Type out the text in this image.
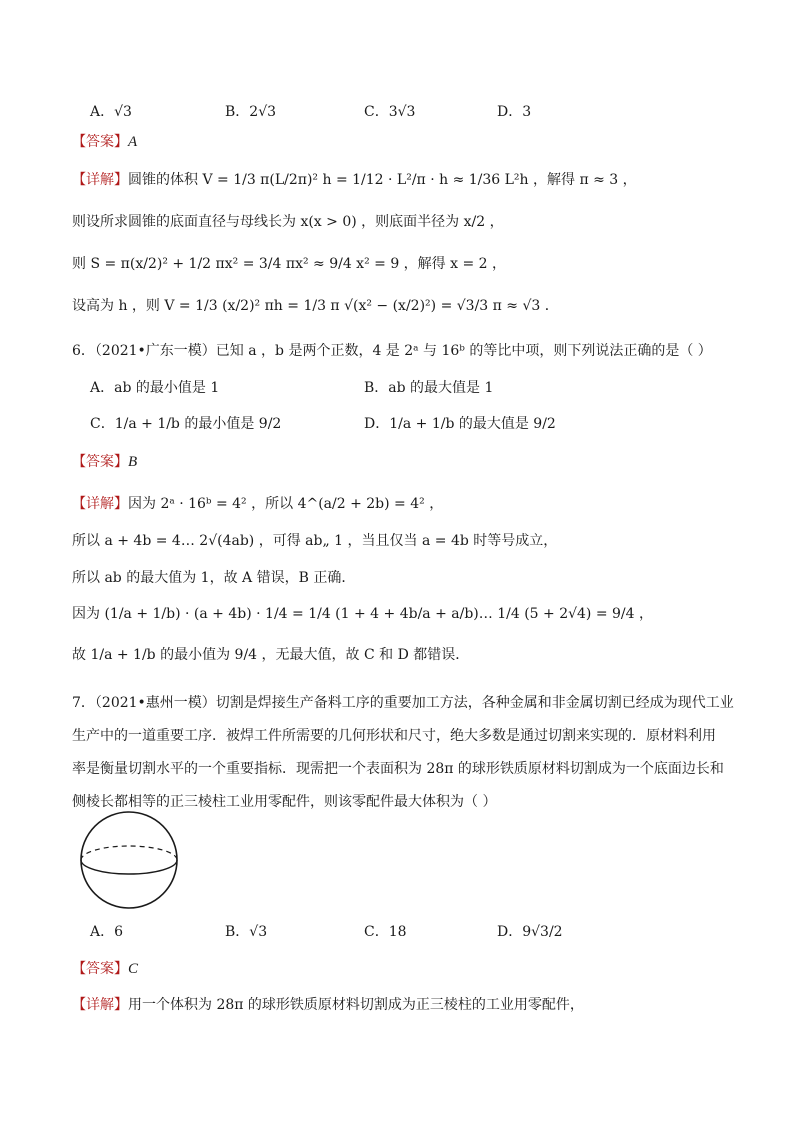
A．√3	B．2√3	C．3√3	D．3
【答案】A
【详解】圆锥的体积 V = 1/3 π(L/2π)² h = 1/12 · L²/π · h ≈ 1/36 L²h ，解得 π ≈ 3 ，
则设所求圆锥的底面直径与母线长为 x(x > 0) ，则底面半径为 x/2 ，
则 S = π(x/2)² + 1/2 πx² = 3/4 πx² ≈ 9/4 x² = 9 ，解得 x = 2 ，
设高为 h ，则 V = 1/3 (x/2)² πh = 1/3 π √(x² − (x/2)²) = √3/3 π ≈ √3 ．
6．（2021•广东一模）已知 a ，b 是两个正数，4 是 2ᵃ 与 16ᵇ 的等比中项，则下列说法正确的是（ ）
A．ab 的最小值是 1	B．ab 的最大值是 1
C．1/a + 1/b 的最小值是 9/2	D．1/a + 1/b 的最大值是 9/2
【答案】B
【详解】因为 2ᵃ · 16ᵇ = 4² ，所以 4^(a/2 + 2b) = 4² ，
所以 a + 4b = 4… 2√(4ab) ，可得 ab„ 1 ，当且仅当 a = 4b 时等号成立，
所以 ab 的最大值为 1，故 A 错误，B 正确．
因为 (1/a + 1/b) · (a + 4b) · 1/4 = 1/4 (1 + 4 + 4b/a + a/b)… 1/4 (5 + 2√4) = 9/4 ，
故 1/a + 1/b 的最小值为 9/4 ，无最大值，故 C 和 D 都错误．
7．（2021•惠州一模）切割是焊接生产备料工序的重要加工方法，各种金属和非金属切割已经成为现代工业
生产中的一道重要工序．被焊工件所需要的几何形状和尺寸，绝大多数是通过切割来实现的．原材料利用
率是衡量切割水平的一个重要指标．现需把一个表面积为 28π 的球形铁质原材料切割成为一个底面边长和
侧棱长都相等的正三棱柱工业用零配件，则该零配件最大体积为（ ）
A．6	B．√3	C．18	D．9√3/2
【答案】C
【详解】用一个体积为 28π 的球形铁质原材料切割成为正三棱柱的工业用零配件，
